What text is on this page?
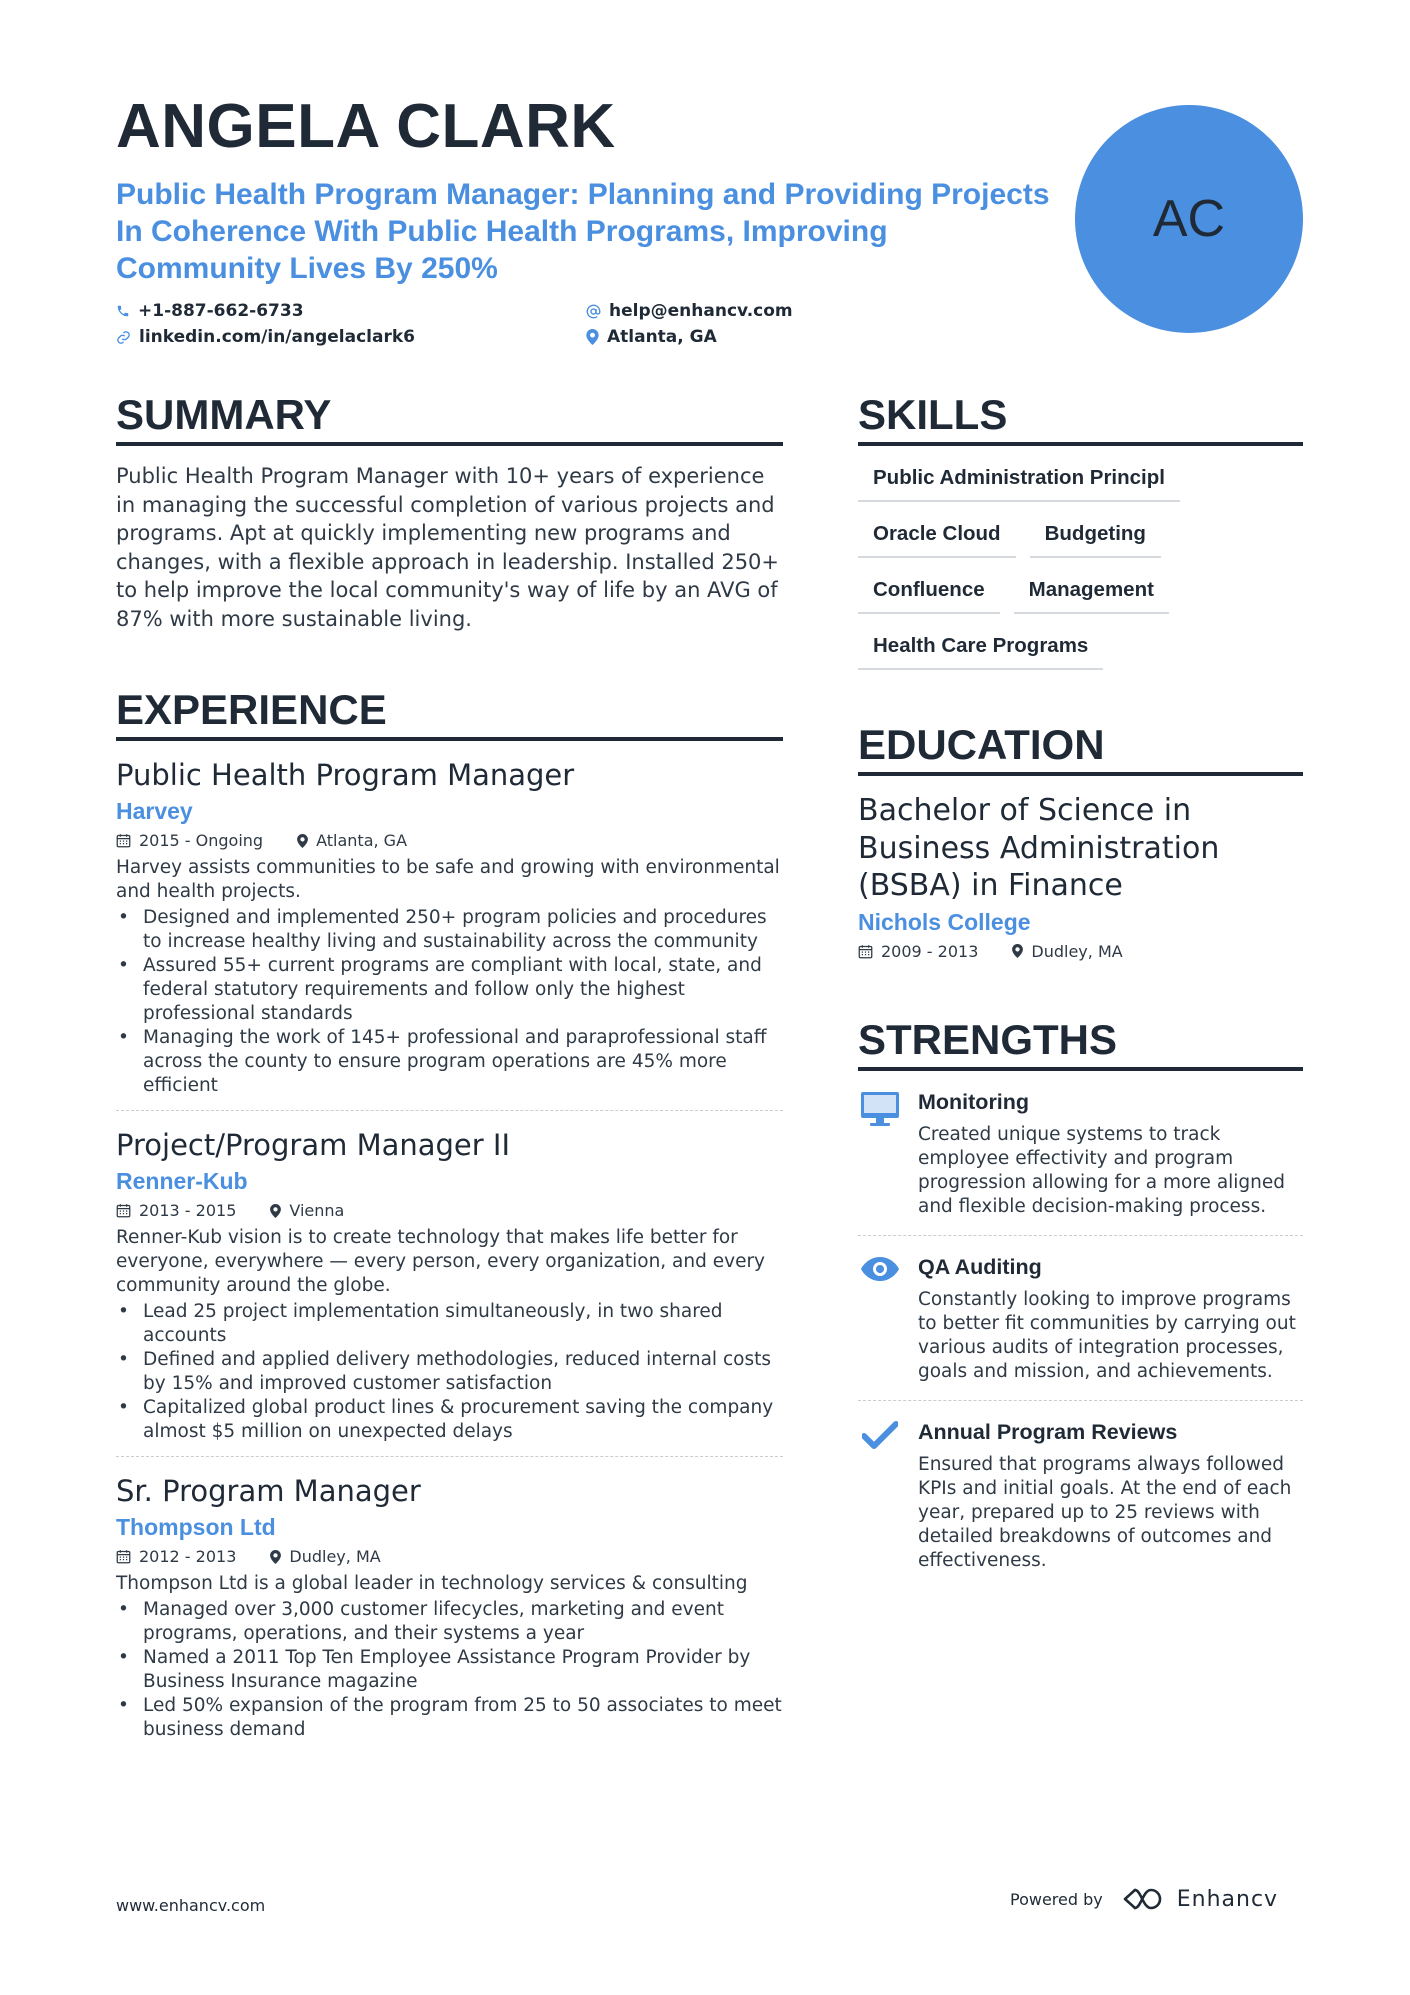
ANGELA CLARK
Public Health Program Manager: Planning and Providing Projects In Coherence With Public Health Programs, Improving Community Lives By 250%
+1-887-662-6733	help@enhancv.com
linkedin.com/in/angelaclark6	Atlanta, GA
AC
SUMMARY

Public Health Program Manager with 10+ years of experience in managing the successful completion of various projects and programs. Apt at quickly implementing new programs and changes, with a flexible approach in leadership. Installed 250+ to help improve the local community's way of life by an AVG of 87% with more sustainable living.

EXPERIENCE
Public Health Program Manager
Harvey
2015 - Ongoing	Atlanta, GA

Harvey assists communities to be safe and growing with environmental and health projects.

• Designed and implemented 250+ program policies and procedures to increase healthy living and sustainability across the community
• Assured 55+ current programs are compliant with local, state, and federal statutory requirements and follow only the highest professional standards
• Managing the work of 145+ professional and paraprofessional staff across the county to ensure program operations are 45% more efficient
Project/Program Manager II
Renner-Kub
2013 - 2015	Vienna

Renner-Kub vision is to create technology that makes life better for everyone, everywhere — every person, every organization, and every community around the globe.

• Lead 25 project implementation simultaneously, in two shared accounts
• Defined and applied delivery methodologies, reduced internal costs by 15% and improved customer satisfaction
• Capitalized global product lines & procurement saving the company almost $5 million on unexpected delays
Sr. Program Manager
Thompson Ltd
2012 - 2013	Dudley, MA

Thompson Ltd is a global leader in technology services & consulting

• Managed over 3,000 customer lifecycles, marketing and event programs, operations, and their systems a year
• Named a 2011 Top Ten Employee Assistance Program Provider by Business Insurance magazine
• Led 50% expansion of the program from 25 to 50 associates to meet business demand
SKILLS
Public Administration Principl
Oracle Cloud	Budgeting
Confluence	Management
Health Care Programs
EDUCATION
Bachelor of Science in Business Administration (BSBA) in Finance
Nichols College
2009 - 2013	Dudley, MA
STRENGTHS
Monitoring

Created unique systems to track employee effectivity and program progression allowing for a more aligned and flexible decision-making process.

QA Auditing

Constantly looking to improve programs to better fit communities by carrying out various audits of integration processes, goals and mission, and achievements.

Annual Program Reviews

Ensured that programs always followed KPIs and initial goals. At the end of each year, prepared up to 25 reviews with detailed breakdowns of outcomes and effectiveness.

www.enhancv.com	Powered by	Enhancv
